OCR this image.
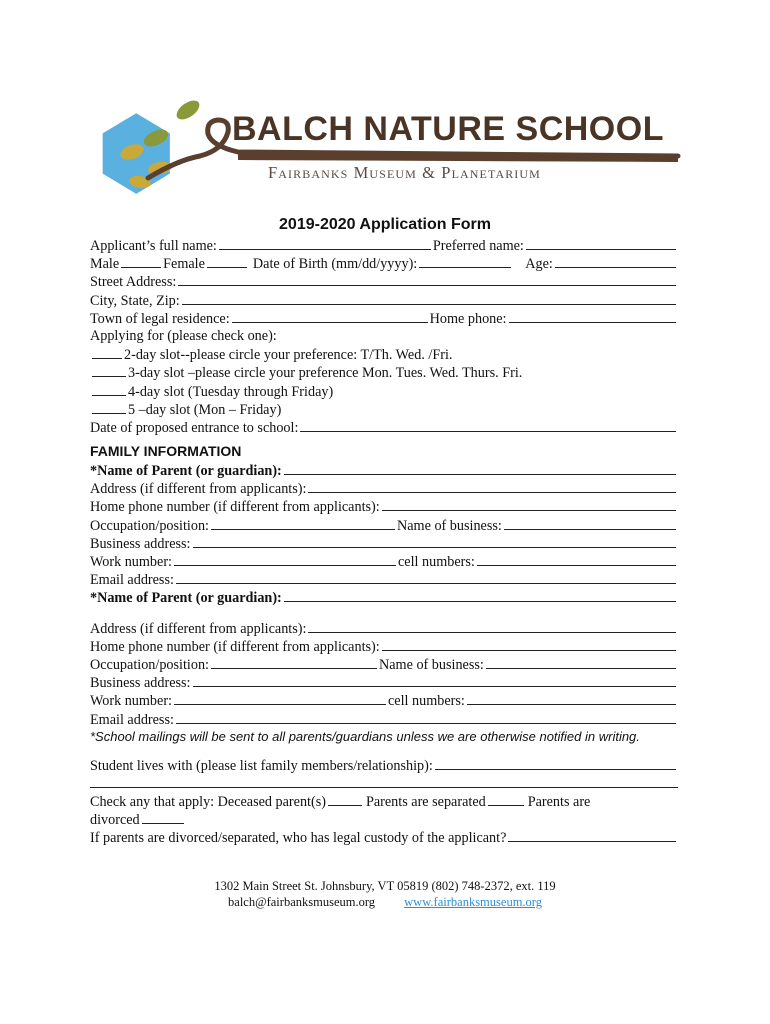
BALCH NATURE SCHOOL
Fairbanks Museum & Planetarium
2019-2020 Application Form
Applicant’s full name:	Preferred name:
Male	Female	Date of Birth (mm/dd/yyyy):	Age:
Street Address:
City, State, Zip:
Town of legal residence:	Home phone:
Applying for (please check one):
2-day slot--please circle your preference: T/Th. Wed. /Fri.
3-day slot –please circle your preference Mon. Tues. Wed. Thurs. Fri.
4-day slot (Tuesday through Friday)
5 –day slot (Mon – Friday)
Date of proposed entrance to school:
FAMILY INFORMATION
*Name of Parent (or guardian):
Address (if different from applicants):
Home phone number (if different from applicants):
Occupation/position:	Name of business:
Business address:
Work number:	cell numbers:
Email address:
*Name of Parent (or guardian):
Address (if different from applicants):
Home phone number (if different from applicants):
Occupation/position:	Name of business:
Business address:
Work number:	cell numbers:
Email address:
*School mailings will be sent to all parents/guardians unless we are otherwise notified in writing.
Student lives with (please list family members/relationship):
Check any that apply: Deceased parent(s)	Parents are separated	Parents are
divorced
If parents are divorced/separated, who has legal custody of the applicant?
1302 Main Street St. Johnsbury, VT 05819 (802) 748-2372, ext. 119
balch@fairbanksmuseum.org www.fairbanksmuseum.org
